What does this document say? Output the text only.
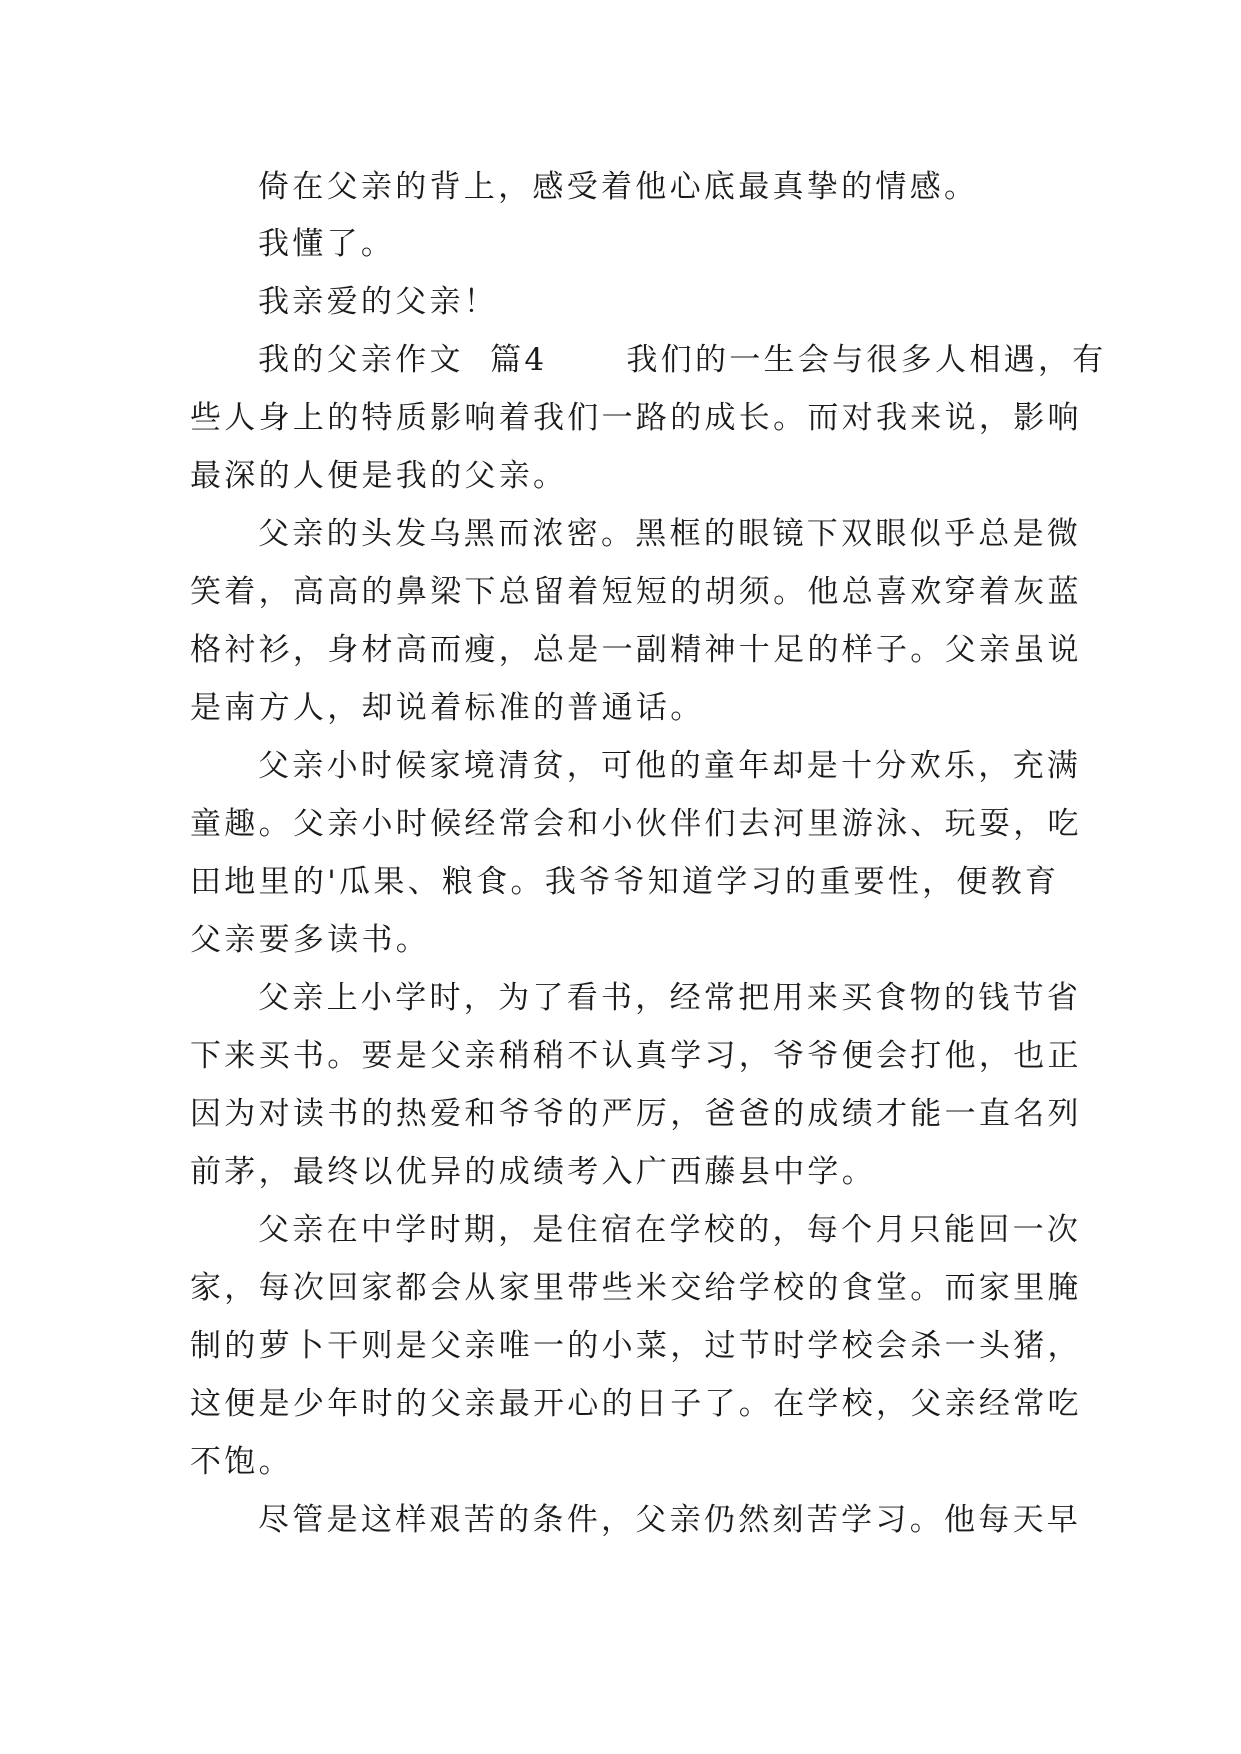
倚在父亲的背上，感受着他心底最真挚的情感。
我懂了。
我亲爱的父亲！
我的父亲作文  篇4      我们的一生会与很多人相遇，有
些人身上的特质影响着我们一路的成长。而对我来说，影响
最深的人便是我的父亲。
父亲的头发乌黑而浓密。黑框的眼镜下双眼似乎总是微
笑着，高高的鼻梁下总留着短短的胡须。他总喜欢穿着灰蓝
格衬衫，身材高而瘦，总是一副精神十足的样子。父亲虽说
是南方人，却说着标准的普通话。
父亲小时候家境清贫，可他的童年却是十分欢乐，充满
童趣。父亲小时候经常会和小伙伴们去河里游泳、玩耍，吃
田地里的'瓜果、粮食。我爷爷知道学习的重要性，便教育
父亲要多读书。
父亲上小学时，为了看书，经常把用来买食物的钱节省
下来买书。要是父亲稍稍不认真学习，爷爷便会打他，也正
因为对读书的热爱和爷爷的严厉，爸爸的成绩才能一直名列
前茅，最终以优异的成绩考入广西藤县中学。
父亲在中学时期，是住宿在学校的，每个月只能回一次
家，每次回家都会从家里带些米交给学校的食堂。而家里腌
制的萝卜干则是父亲唯一的小菜，过节时学校会杀一头猪，
这便是少年时的父亲最开心的日子了。在学校，父亲经常吃
不饱。
尽管是这样艰苦的条件，父亲仍然刻苦学习。他每天早
